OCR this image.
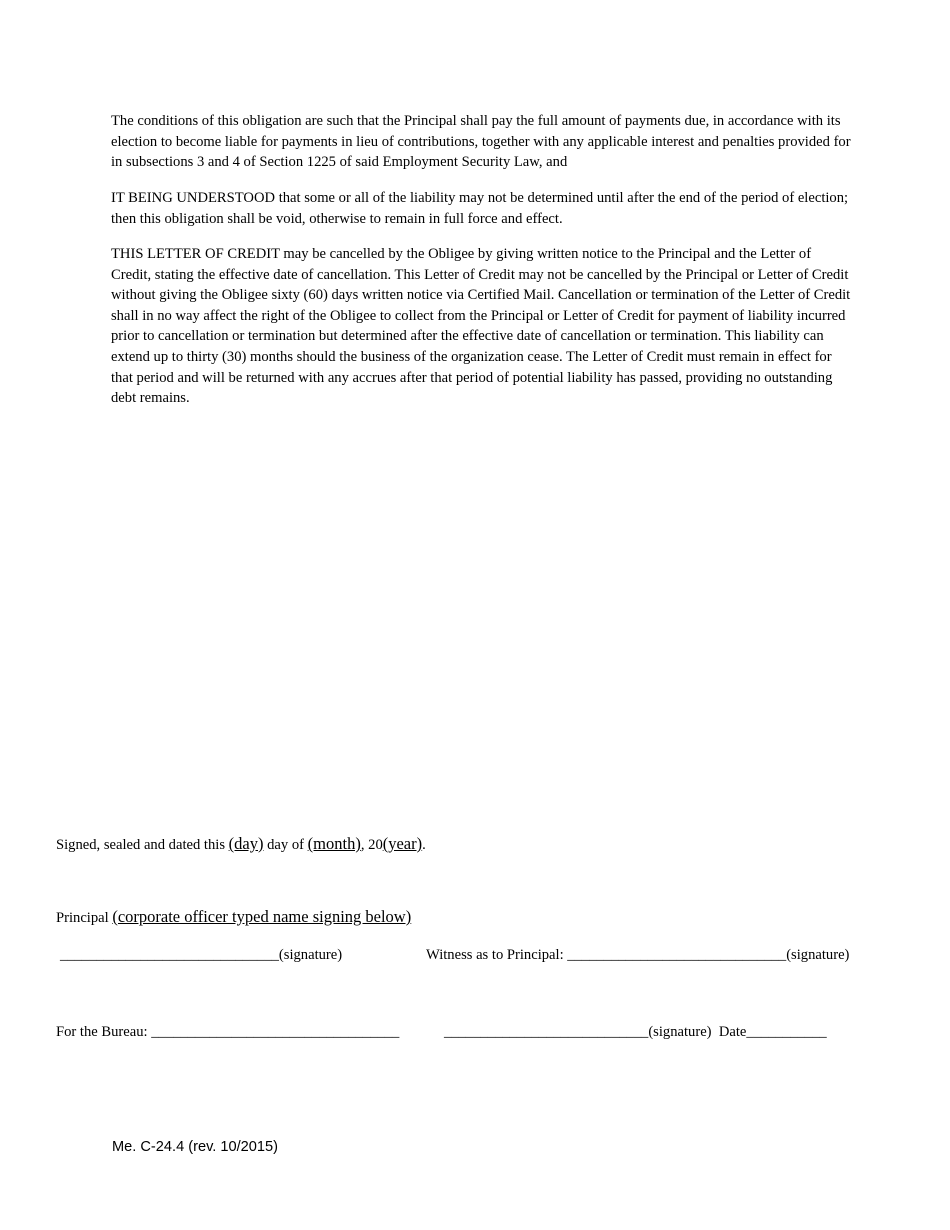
The conditions of this obligation are such that the Principal shall pay the full amount of payments due, in accordance with its election to become liable for payments in lieu of contributions, together with any applicable interest and penalties provided for in subsections 3 and 4 of Section 1225 of said Employment Security Law, and

IT BEING UNDERSTOOD that some or all of the liability may not be determined until after the end of the period of election; then this obligation shall be void, otherwise to remain in full force and effect.

THIS LETTER OF CREDIT may be cancelled by the Obligee by giving written notice to the Principal and the Letter of Credit, stating the effective date of cancellation. This Letter of Credit may not be cancelled by the Principal or Letter of Credit without giving the Obligee sixty (60) days written notice via Certified Mail. Cancellation or termination of the Letter of Credit shall in no way affect the right of the Obligee to collect from the Principal or Letter of Credit for payment of liability incurred prior to cancellation or termination but determined after the effective date of cancellation or termination. This liability can extend up to thirty (30) months should the business of the organization cease. The Letter of Credit must remain in effect for that period and will be returned with any accrues after that period of potential liability has passed, providing no outstanding debt remains.

Signed, sealed and dated this (day) day of (month), 20(year).
Principal (corporate officer typed name signing below)
______________________________(signature)	Witness as to Principal: ______________________________(signature)
For the Bureau: __________________________________	____________________________(signature)  Date___________
Me. C-24.4 (rev. 10/2015)
